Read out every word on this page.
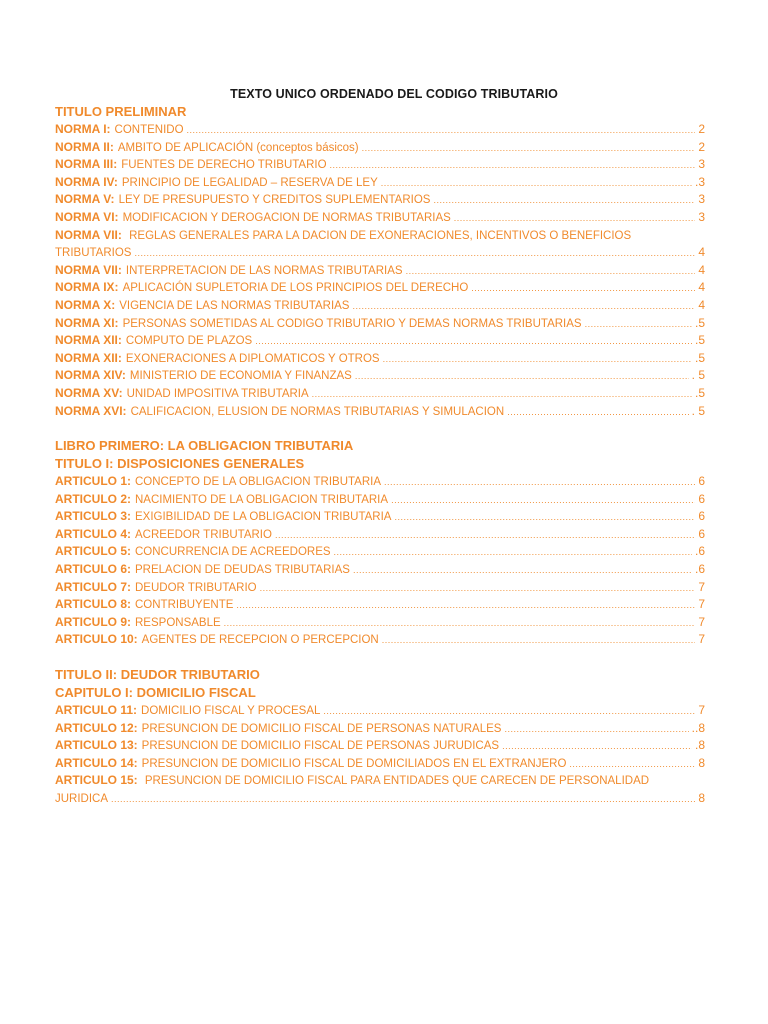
TEXTO UNICO ORDENADO DEL CODIGO TRIBUTARIO
TITULO PRELIMINAR
NORMA I: CONTENIDO .....	2
NORMA II: AMBITO DE APLICACIÓN (conceptos básicos) .....	2
NORMA III: FUENTES DE DERECHO TRIBUTARIO .....	3
NORMA IV: PRINCIPIO DE LEGALIDAD – RESERVA DE LEY .....	.3
NORMA V: LEY DE PRESUPUESTO Y CREDITOS SUPLEMENTARIOS .....	3
NORMA VI: MODIFICACION Y DEROGACION DE NORMAS TRIBUTARIAS .....	3
NORMA VII: REGLAS GENERALES PARA LA DACION DE EXONERACIONES, INCENTIVOS O BENEFICIOS
TRIBUTARIOS .....	4
NORMA VII: INTERPRETACION DE LAS NORMAS TRIBUTARIAS .....	4
NORMA IX: APLICACIÓN SUPLETORIA DE LOS PRINCIPIOS DEL DERECHO .....	4
NORMA X: VIGENCIA DE LAS NORMAS TRIBUTARIAS .....	4
NORMA XI: PERSONAS SOMETIDAS AL CODIGO TRIBUTARIO Y DEMAS NORMAS TRIBUTARIAS .....	.5
NORMA XII: COMPUTO DE PLAZOS .....	.5
NORMA XII: EXONERACIONES A DIPLOMATICOS Y OTROS .....	.5
NORMA XIV: MINISTERIO DE ECONOMIA Y FINANZAS .....	. 5
NORMA XV: UNIDAD IMPOSITIVA TRIBUTARIA .....	.5
NORMA XVI: CALIFICACION, ELUSION DE NORMAS TRIBUTARIAS Y SIMULACION .....	. 5
LIBRO PRIMERO: LA OBLIGACION TRIBUTARIA
TITULO I: DISPOSICIONES GENERALES
ARTICULO 1: CONCEPTO DE LA OBLIGACION TRIBUTARIA .....	6
ARTICULO 2: NACIMIENTO DE LA OBLIGACION TRIBUTARIA .....	6
ARTICULO 3: EXIGIBILIDAD DE LA OBLIGACION TRIBUTARIA .....	6
ARTICULO 4: ACREEDOR TRIBUTARIO .....	6
ARTICULO 5: CONCURRENCIA DE ACREEDORES .....	.6
ARTICULO 6: PRELACION DE DEUDAS TRIBUTARIAS .....	.6
ARTICULO 7: DEUDOR TRIBUTARIO .....	7
ARTICULO 8: CONTRIBUYENTE .....	7
ARTICULO 9: RESPONSABLE .....	7
ARTICULO 10: AGENTES DE RECEPCION O PERCEPCION .....	7
TITULO II: DEUDOR TRIBUTARIO
CAPITULO I: DOMICILIO FISCAL
ARTICULO 11: DOMICILIO FISCAL Y PROCESAL .....	7
ARTICULO 12: PRESUNCION DE DOMICILIO FISCAL DE PERSONAS NATURALES .....	..8
ARTICULO 13: PRESUNCION DE DOMICILIO FISCAL DE PERSONAS JURUDICAS .....	.8
ARTICULO 14: PRESUNCION DE DOMICILIO FISCAL DE DOMICILIADOS EN EL EXTRANJERO .....	8
ARTICULO 15: PRESUNCION DE DOMICILIO FISCAL PARA ENTIDADES QUE CARECEN DE PERSONALIDAD
JURIDICA .....	8
